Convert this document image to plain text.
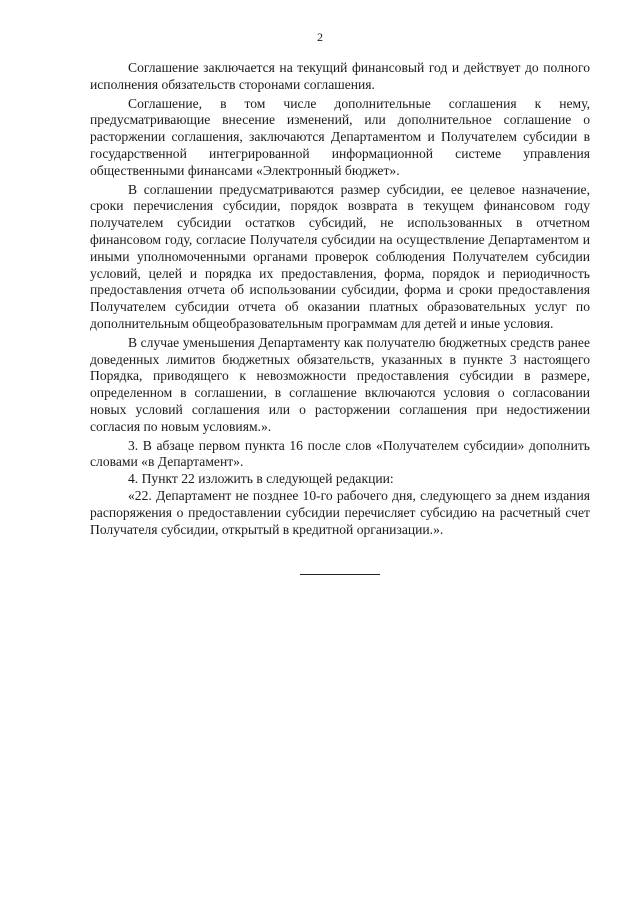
2

Соглашение заключается на текущий финансовый год и действует до полного исполнения обязательств сторонами соглашения.

Соглашение, в том числе дополнительные соглашения к нему, предусматривающие внесение изменений, или дополнительное соглашение о расторжении соглашения, заключаются Департаментом и Получателем субсидии в государственной интегрированной информационной системе управления общественными финансами «Электронный бюджет».

В соглашении предусматриваются размер субсидии, ее целевое назначение, сроки перечисления субсидии, порядок возврата в текущем финансовом году получателем субсидии остатков субсидий, не использованных в отчетном финансовом году, согласие Получателя субсидии на осуществление Департаментом и иными уполномоченными органами проверок соблюдения Получателем субсидии условий, целей и порядка их предоставления, форма, порядок и периодичность предоставления отчета об использовании субсидии, форма и сроки предоставления Получателем субсидии отчета об оказании платных образовательных услуг по дополнительным общеобразовательным программам для детей и иные условия.

В случае уменьшения Департаменту как получателю бюджетных средств ранее доведенных лимитов бюджетных обязательств, указанных в пункте 3 настоящего Порядка, приводящего к невозможности предоставления субсидии в размере, определенном в соглашении, в соглашение включаются условия о согласовании новых условий соглашения или о расторжении соглашения при недостижении согласия по новым условиям.».

3. В абзаце первом пункта 16 после слов «Получателем субсидии» дополнить словами «в Департамент».

4. Пункт 22 изложить в следующей редакции:

«22. Департамент не позднее 10-го рабочего дня, следующего за днем издания распоряжения о предоставлении субсидии перечисляет субсидию на расчетный счет Получателя субсидии, открытый в кредитной организации.».
